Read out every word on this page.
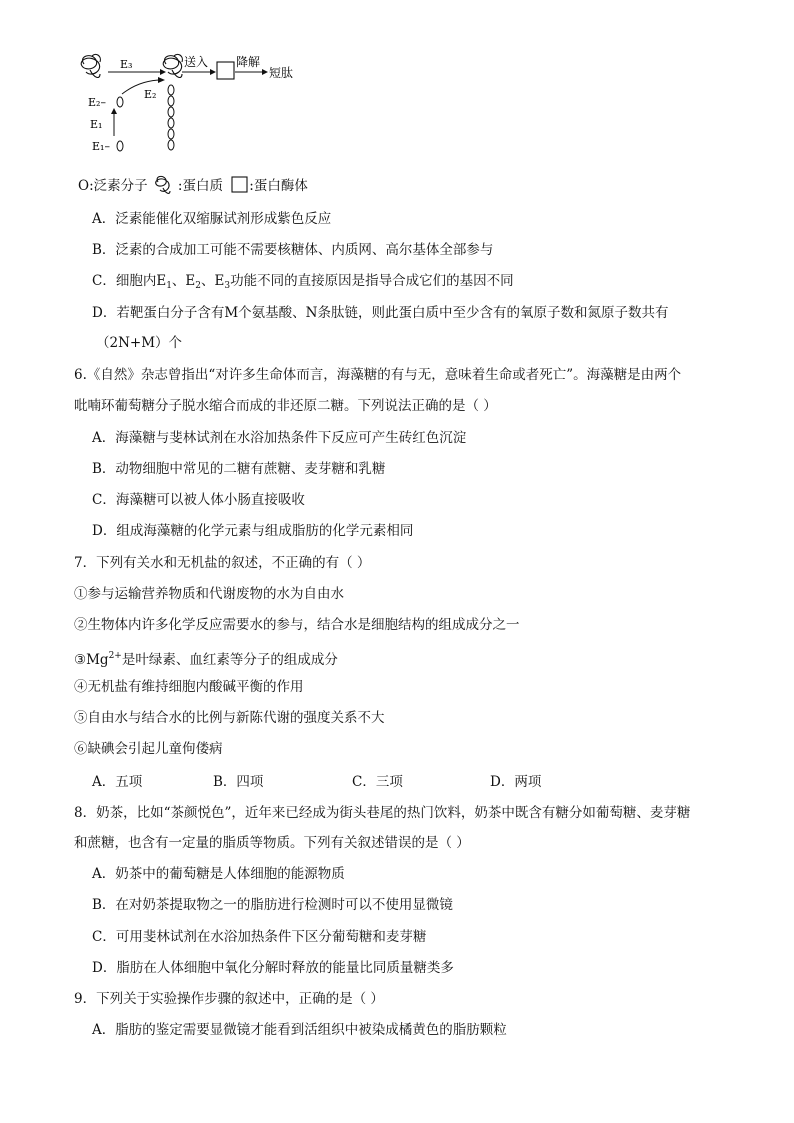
E₃
E₂
E₂–
E₁
E₁–
送入 降解
短肽
O:泛素分子 :蛋白质 :蛋白酶体
A．泛素能催化双缩脲试剂形成紫色反应
B．泛素的合成加工可能不需要核糖体、内质网、高尔基体全部参与
C．细胞内$E_1$、$E_2$、$E_3$功能不同的直接原因是指导合成它们的基因不同
D．若靶蛋白分子含有M个氨基酸、N条肽链，则此蛋白质中至少含有的氧原子数和氮原子数共有
（2N+M）个
6.《自然》杂志曾指出“对许多生命体而言，海藻糖的有与无，意味着生命或者死亡”。海藻糖是由两个
吡喃环葡萄糖分子脱水缩合而成的非还原二糖。下列说法正确的是（ ）
A．海藻糖与斐林试剂在水浴加热条件下反应可产生砖红色沉淀
B．动物细胞中常见的二糖有蔗糖、麦芽糖和乳糖
C．海藻糖可以被人体小肠直接吸收
D．组成海藻糖的化学元素与组成脂肪的化学元素相同
7．下列有关水和无机盐的叙述，不正确的有（ ）
①参与运输营养物质和代谢废物的水为自由水
②生物体内许多化学反应需要水的参与，结合水是细胞结构的组成成分之一
$③Mg^{2+}$是叶绿素、血红素等分子的组成成分
④无机盐有维持细胞内酸碱平衡的作用
⑤自由水与结合水的比例与新陈代谢的强度关系不大
⑥缺碘会引起儿童佝偻病
A．五项	B．四项	C．三项	D．两项
8．奶茶，比如“茶颜悦色”，近年来已经成为街头巷尾的热门饮料，奶茶中既含有糖分如葡萄糖、麦芽糖
和蔗糖，也含有一定量的脂质等物质。下列有关叙述错误的是（ ）
A．奶茶中的葡萄糖是人体细胞的能源物质
B．在对奶茶提取物之一的脂肪进行检测时可以不使用显微镜
C．可用斐林试剂在水浴加热条件下区分葡萄糖和麦芽糖
D．脂肪在人体细胞中氧化分解时释放的能量比同质量糖类多
9．下列关于实验操作步骤的叙述中，正确的是（ ）
A．脂肪的鉴定需要显微镜才能看到活组织中被染成橘黄色的脂肪颗粒
